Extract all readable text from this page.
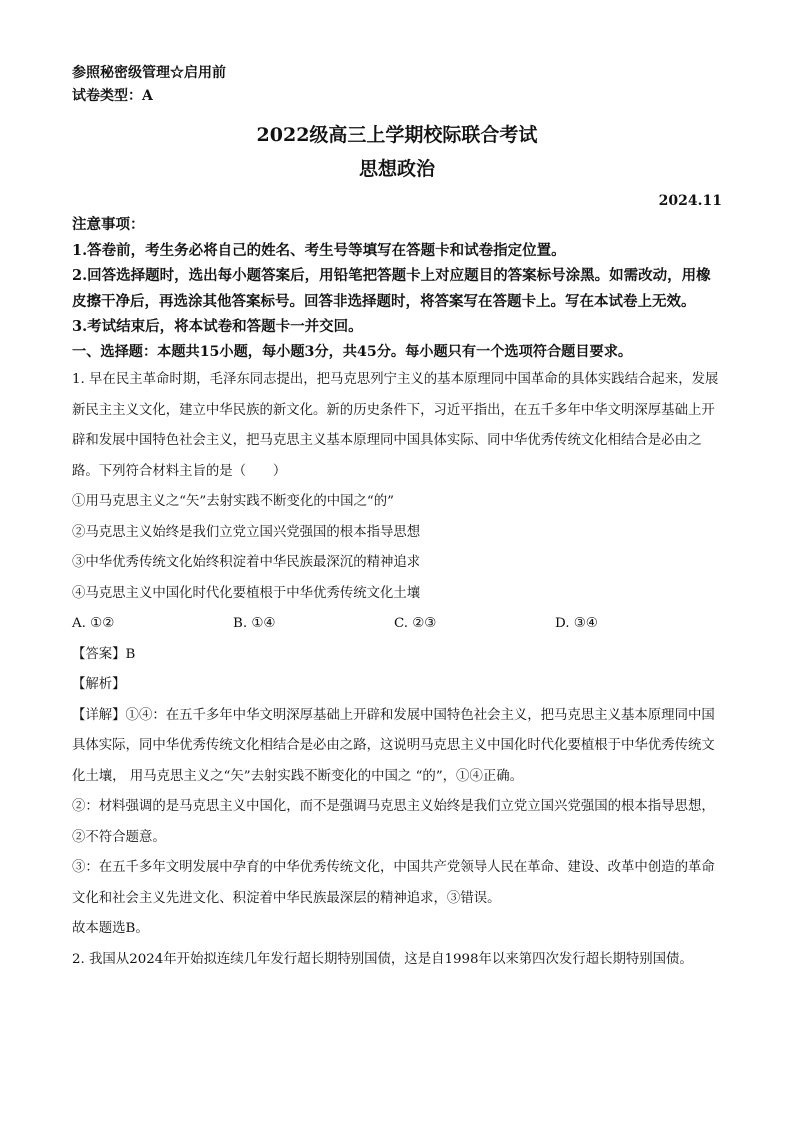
参照秘密级管理☆启用前

试卷类型：A

2022级高三上学期校际联合考试

思想政治

2024.11

注意事项：

1.答卷前，考生务必将自己的姓名、考生号等填写在答题卡和试卷指定位置。

2.回答选择题时，选出每小题答案后，用铅笔把答题卡上对应题目的答案标号涂黑。如需改动，用橡皮擦干净后，再选涂其他答案标号。回答非选择题时，将答案写在答题卡上。写在本试卷上无效。

3.考试结束后，将本试卷和答题卡一并交回。

一、选择题：本题共15小题，每小题3分，共45分。每小题只有一个选项符合题目要求。

1. 早在民主革命时期，毛泽东同志提出，把马克思列宁主义的基本原理同中国革命的具体实践结合起来，发展新民主主义文化，建立中华民族的新文化。新的历史条件下，习近平指出，在五千多年中华文明深厚基础上开辟和发展中国特色社会主义，把马克思主义基本原理同中国具体实际、同中华优秀传统文化相结合是必由之路。下列符合材料主旨的是（　　）

①用马克思主义之“矢”去射实践不断变化的中国之“的”

②马克思主义始终是我们立党立国兴党强国的根本指导思想

③中华优秀传统文化始终积淀着中华民族最深沉的精神追求

④马克思主义中国化时代化要植根于中华优秀传统文化土壤

A. ①②	B. ①④	C. ②③	D. ③④

【答案】B

【解析】

【详解】①④：在五千多年中华文明深厚基础上开辟和发展中国特色社会主义，把马克思主义基本原理同中国具体实际，同中华优秀传统文化相结合是必由之路，这说明马克思主义中国化时代化要植根于中华优秀传统文化土壤， 用马克思主义之“矢”去射实践不断变化的中国之 “的”，①④正确。

②：材料强调的是马克思主义中国化，而不是强调马克思主义始终是我们立党立国兴党强国的根本指导思想，②不符合题意。

③：在五千多年文明发展中孕育的中华优秀传统文化，中国共产党领导人民在革命、建设、改革中创造的革命文化和社会主义先进文化、积淀着中华民族最深层的精神追求，③错误。

故本题选B。

2. 我国从2024年开始拟连续几年发行超长期特别国债，这是自1998年以来第四次发行超长期特别国债。
